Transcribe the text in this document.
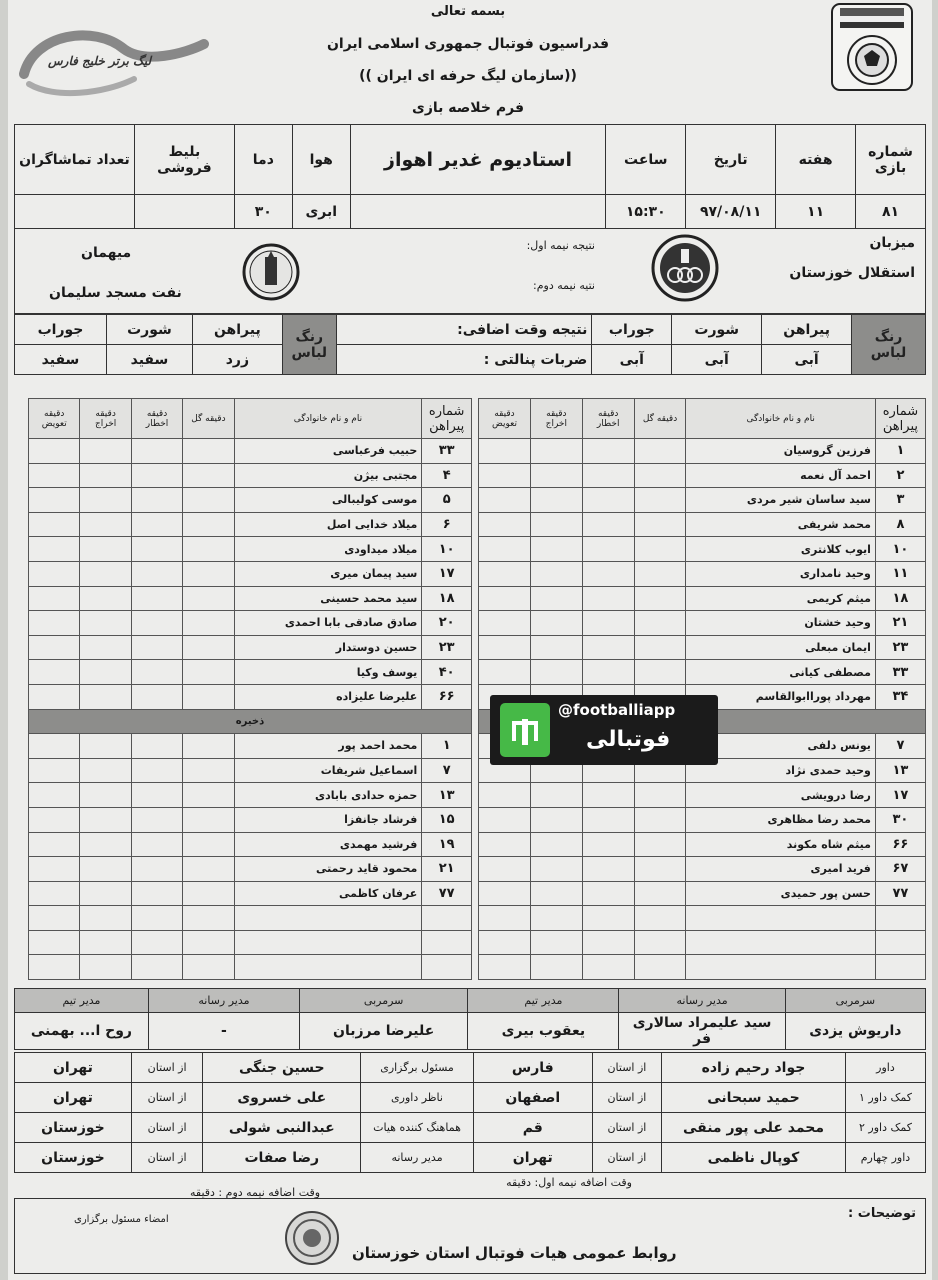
لیگ برتر خلیج فارس
بسمه تعالی
فدراسیون فوتبال جمهوری اسلامی ایران
((سازمان لیگ حرفه ای ایران ))
فرم خلاصه بازی
شماره بازی	هفته	تاریخ	ساعت	استادیوم غدیر اهواز	هوا	دما	بلیط فروشی	تعداد تماشاگران
۸۱	۱۱	۹۷/۰۸/۱۱	۱۵:۳۰		ابری	۳۰		
میزبان
استقلال خوزستان
نتیجه نیمه اول:
نتیه نیمه دوم:
میهمان
نفت مسجد سلیمان
رنگ لباس	پیراهن	شورت	جوراب	نتیجه وقت اضافی:	رنگ لباس	پیراهن	شورت	جوراب
	آبی	آبی	آبی	ضربات پنالتی :		زرد	سفید	سفید
شماره پیراهن	نام و نام خانوادگی	دقیقه گل	دقیقه اخطار	دقیقه اخراج	دقیقه تعویض
۱	فرزین گروسیان				
۲	احمد آل نعمه				
۳	سید ساسان شیر مردی				
۸	محمد شریفی				
۱۰	ایوب کلانتری				
۱۱	وحید نامداری				
۱۸	میثم کریمی				
۲۱	وحید خشتان				
۲۳	ایمان مبعلی				
۳۳	مصطفی کیانی				
۳۴	مهرداد پوراابوالقاسم				

۷	یونس دلفی				
۱۳	وحید حمدی نژاد				
۱۷	رضا درویشی				
۳۰	محمد رضا مظاهری				
۶۶	میثم شاه مکوند				
۶۷	فرید امیری				
۷۷	حسن پور حمیدی				

شماره پیراهن	نام و نام خانوادگی	دقیقه گل	دقیقه اخطار	دقیقه اخراج	دقیقه تعویض
۳۳	حبیب فرعباسی				
۴	مجتبی بیژن				
۵	موسی کولیبالی				
۶	میلاد خدایی اصل				
۱۰	میلاد میداودی				
۱۷	سید پیمان میری				
۱۸	سید محمد حسینی				
۲۰	صادق صادقی بابا احمدی				
۲۳	حسین دوستدار				
۴۰	یوسف وکیا				
۶۶	علیرضا علیزاده				
ذخیره					
۱	محمد احمد پور				
۷	اسماعیل شریفات				
۱۳	حمزه حدادی بابادی				
۱۵	فرشاد جانفزا				
۱۹	فرشید مهمدی				
۲۱	محمود قاید رحمتی				
۷۷	عرفان کاظمی				

سرمربی	مدیر رسانه	مدیر تیم	سرمربی	مدیر رسانه	مدیر تیم
داریوش یزدی	سید علیمراد سالاری فر	یعقوب بیری	علیرضا مرزبان	-	روح ا... بهمنی
داور	جواد رحیم زاده	از استان	فارس	مسئول برگزاری	حسین جنگی	از استان	تهران
کمک داور ۱	حمید سبحانی	از استان	اصفهان	ناظر داوری	علی خسروی	از استان	تهران
کمک داور ۲	محمد علی پور منقی	از استان	قم	هماهنگ کننده هیات	عبدالنبی شولی	از استان	خوزستان
داور چهارم	کوپال ناظمی	از استان	تهران	مدیر رسانه	رضا صفات	از استان	خوزستان
وقت اضافه نیمه اول: دقیقه
وقت اضافه نیمه دوم : دقیقه
توضیحات :
امضاء مسئول برگزاری
روابط عمومی هیات فوتبال استان خوزستان
@footballiapp
فوتبالی
